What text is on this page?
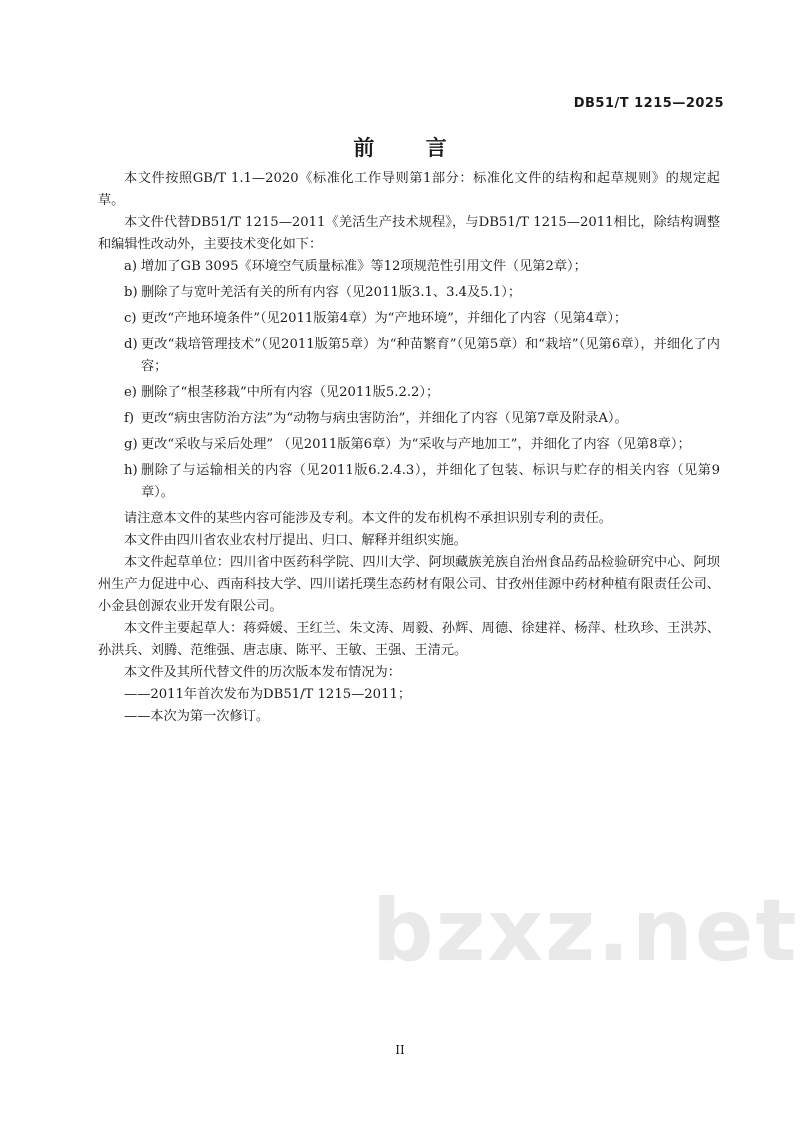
DB51/T 1215—2025
前 言

本文件按照GB/T 1.1—2020《标准化工作导则第1部分：标准化文件的结构和起草规则》的规定起草。

本文件代替DB51/T 1215—2011《羌活生产技术规程》，与DB51/T 1215—2011相比，除结构调整和编辑性改动外，主要技术变化如下：

a) 增加了GB 3095《环境空气质量标准》等12项规范性引用文件（见第2章）；
b) 删除了与宽叶羌活有关的所有内容（见2011版3.1、3.4及5.1）；
c) 更改“产地环境条件”（见2011版第4章）为“产地环境”，并细化了内容（见第4章）；
d) 更改“栽培管理技术”（见2011版第5章）为“种苗繁育”（见第5章）和“栽培”（见第6章），并细化了内容；
e) 删除了“根茎移栽”中所有内容（见2011版5.2.2）；
f) 更改“病虫害防治方法”为“动物与病虫害防治”，并细化了内容（见第7章及附录A）。
g) 更改“采收与采后处理” （见2011版第6章）为“采收与产地加工”，并细化了内容（见第8章）；
h) 删除了与运输相关的内容（见2011版6.2.4.3），并细化了包装、标识与贮存的相关内容（见第9章）。

请注意本文件的某些内容可能涉及专利。本文件的发布机构不承担识别专利的责任。

本文件由四川省农业农村厅提出、归口、解释并组织实施。

本文件起草单位：四川省中医药科学院、四川大学、阿坝藏族羌族自治州食品药品检验研究中心、阿坝州生产力促进中心、西南科技大学、四川诺托璞生态药材有限公司、甘孜州佳源中药材种植有限责任公司、小金县创源农业开发有限公司。

本文件主要起草人：蒋舜媛、王红兰、朱文涛、周毅、孙辉、周德、徐建祥、杨萍、杜玖珍、王洪苏、孙洪兵、刘腾、范维强、唐志康、陈平、王敏、王强、王清元。

本文件及其所代替文件的历次版本发布情况为：

——2011年首次发布为DB51/T 1215—2011；
——本次为第一次修订。
bzxz.net
II
